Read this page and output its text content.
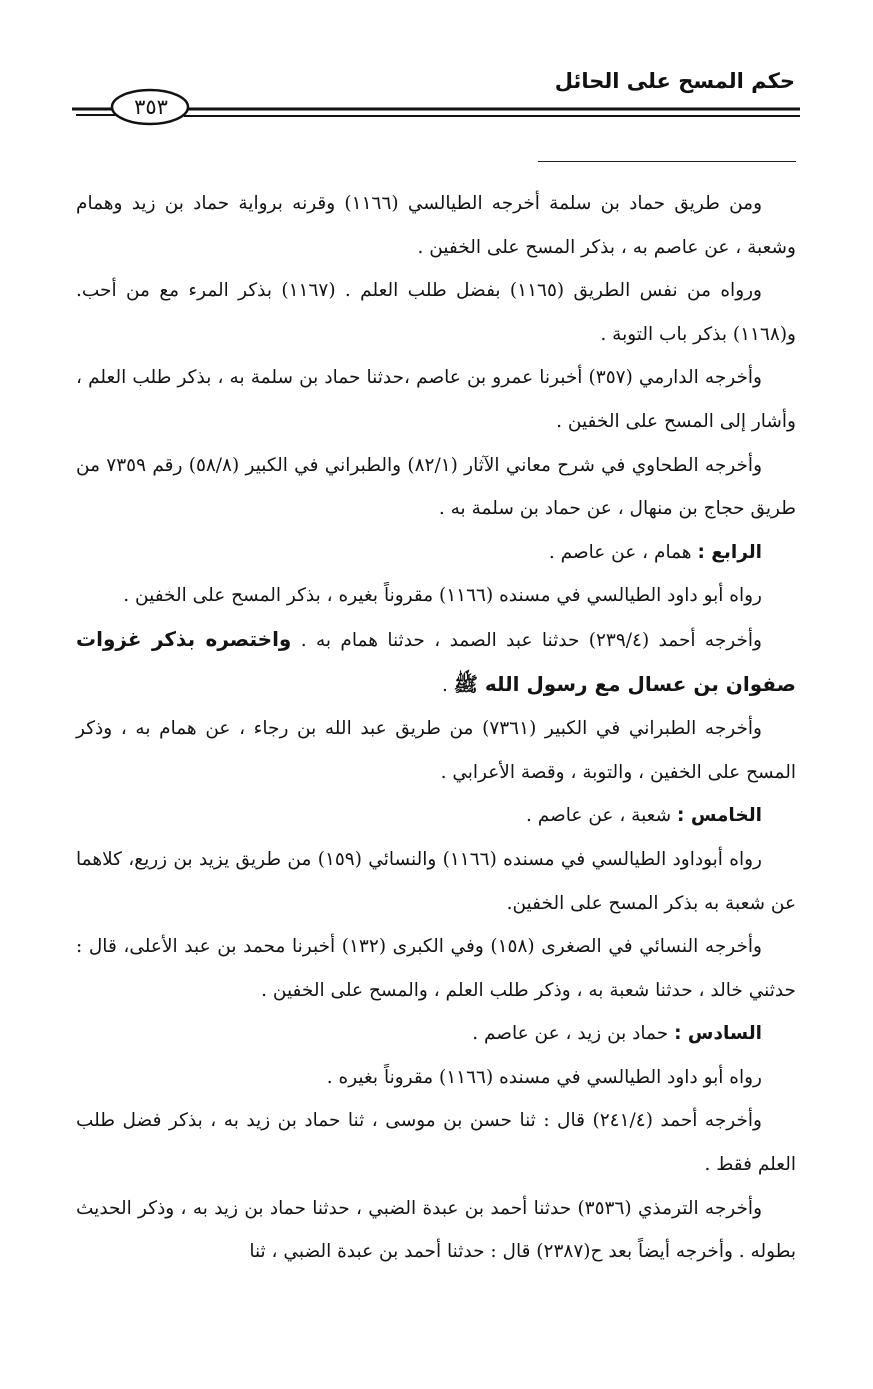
حكم المسح على الحائل
٣٥٣

ومن طريق حماد بن سلمة أخرجه الطيالسي (١١٦٦) وقرنه برواية حماد بن زيد وهمام وشعبة ، عن عاصم به ، بذكر المسح على الخفين .

ورواه من نفس الطريق (١١٦٥) بفضل طلب العلم . (١١٦٧) بذكر المرء مع من أحب. و(١١٦٨) بذكر باب التوبة .

وأخرجه الدارمي (٣٥٧) أخبرنا عمرو بن عاصم ،حدثنا حماد بن سلمة به ، بذكر طلب العلم ، وأشار إلى المسح على الخفين .

وأخرجه الطحاوي في شرح معاني الآثار (٨٢/١) والطبراني في الكبير (٥٨/٨) رقم ٧٣٥٩ من طريق حجاج بن منهال ، عن حماد بن سلمة به .

الرابع : همام ، عن عاصم .

رواه أبو داود الطيالسي في مسنده (١١٦٦) مقروناً بغيره ، بذكر المسح على الخفين .

وأخرجه أحمد (٢٣٩/٤) حدثنا عبد الصمد ، حدثنا همام به . واختصره بذكر غزوات صفوان بن عسال مع رسول الله ﷺ .

وأخرجه الطبراني في الكبير (٧٣٦١) من طريق عبد الله بن رجاء ، عن همام به ، وذكر المسح على الخفين ، والتوبة ، وقصة الأعرابي .

الخامس : شعبة ، عن عاصم .

رواه أبوداود الطيالسي في مسنده (١١٦٦) والنسائي (١٥٩) من طريق يزيد بن زريع، كلاهما عن شعبة به بذكر المسح على الخفين.

وأخرجه النسائي في الصغرى (١٥٨) وفي الكبرى (١٣٢) أخبرنا محمد بن عبد الأعلى، قال : حدثني خالد ، حدثنا شعبة به ، وذكر طلب العلم ، والمسح على الخفين .

السادس : حماد بن زيد ، عن عاصم .

رواه أبو داود الطيالسي في مسنده (١١٦٦) مقروناً بغيره .

وأخرجه أحمد (٢٤١/٤) قال : ثنا حسن بن موسى ، ثنا حماد بن زيد به ، بذكر فضل طلب العلم فقط .

وأخرجه الترمذي (٣٥٣٦) حدثنا أحمد بن عبدة الضبي ، حدثنا حماد بن زيد به ، وذكر الحديث بطوله . وأخرجه أيضاً بعد ح(٢٣٨٧) قال : حدثنا أحمد بن عبدة الضبي ، ثنا
